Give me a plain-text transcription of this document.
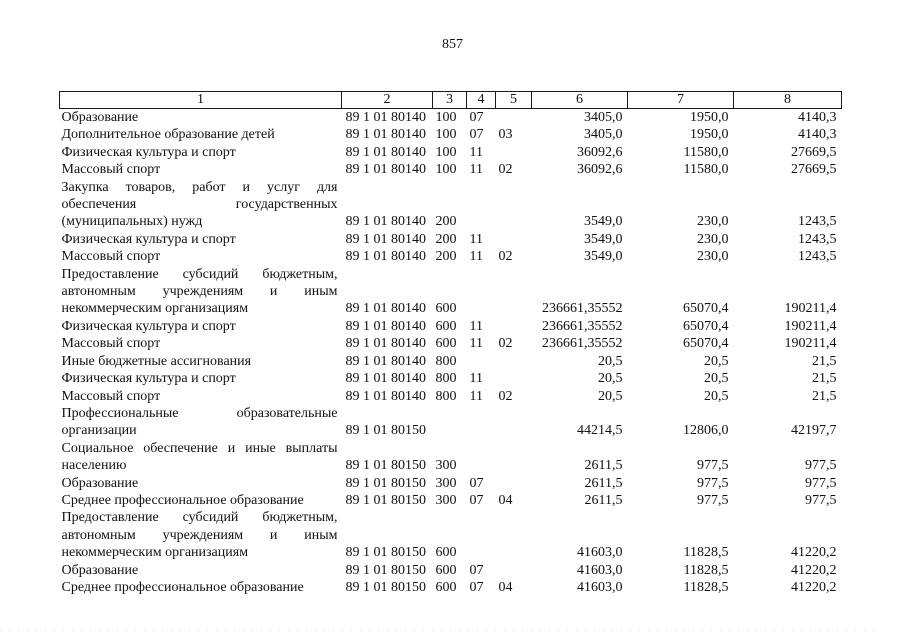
857
1	2	3	4	5	6	7	8
Образование	89 1 01 80140	100	07		3405,0	1950,0	4140,3
Дополнительное образование детей	89 1 01 80140	100	07	03	3405,0	1950,0	4140,3
Физическая культура и спорт	89 1 01 80140	100	11		36092,6	11580,0	27669,5
Массовый спорт	89 1 01 80140	100	11	02	36092,6	11580,0	27669,5
Закупка товаров, работ и услуг для обеспечения государственных (муниципальных) нужд	89 1 01 80140	200			3549,0	230,0	1243,5
Физическая культура и спорт	89 1 01 80140	200	11		3549,0	230,0	1243,5
Массовый спорт	89 1 01 80140	200	11	02	3549,0	230,0	1243,5
Предоставление субсидий бюджетным, автономным учреждениям и иным некоммерческим организациям	89 1 01 80140	600			236661,35552	65070,4	190211,4
Физическая культура и спорт	89 1 01 80140	600	11		236661,35552	65070,4	190211,4
Массовый спорт	89 1 01 80140	600	11	02	236661,35552	65070,4	190211,4
Иные бюджетные ассигнования	89 1 01 80140	800			20,5	20,5	21,5
Физическая культура и спорт	89 1 01 80140	800	11		20,5	20,5	21,5
Массовый спорт	89 1 01 80140	800	11	02	20,5	20,5	21,5
Профессиональные образовательные организации	89 1 01 80150				44214,5	12806,0	42197,7
Социальное обеспечение и иные выплаты населению	89 1 01 80150	300			2611,5	977,5	977,5
Образование	89 1 01 80150	300	07		2611,5	977,5	977,5
Среднее профессиональное образование	89 1 01 80150	300	07	04	2611,5	977,5	977,5
Предоставление субсидий бюджетным, автономным учреждениям и иным некоммерческим организациям	89 1 01 80150	600			41603,0	11828,5	41220,2
Образование	89 1 01 80150	600	07		41603,0	11828,5	41220,2
Среднее профессиональное образование	89 1 01 80150	600	07	04	41603,0	11828,5	41220,2
. . . . . . . . . . . . . . . . . . . . . . . . . . . . . . . . . . . . . . . . . . . . . . . . . . . . . . . . . . . . . . . . . . . . . . . . . . . . . . . . . . . . . . . . . . . . . . . . . .
